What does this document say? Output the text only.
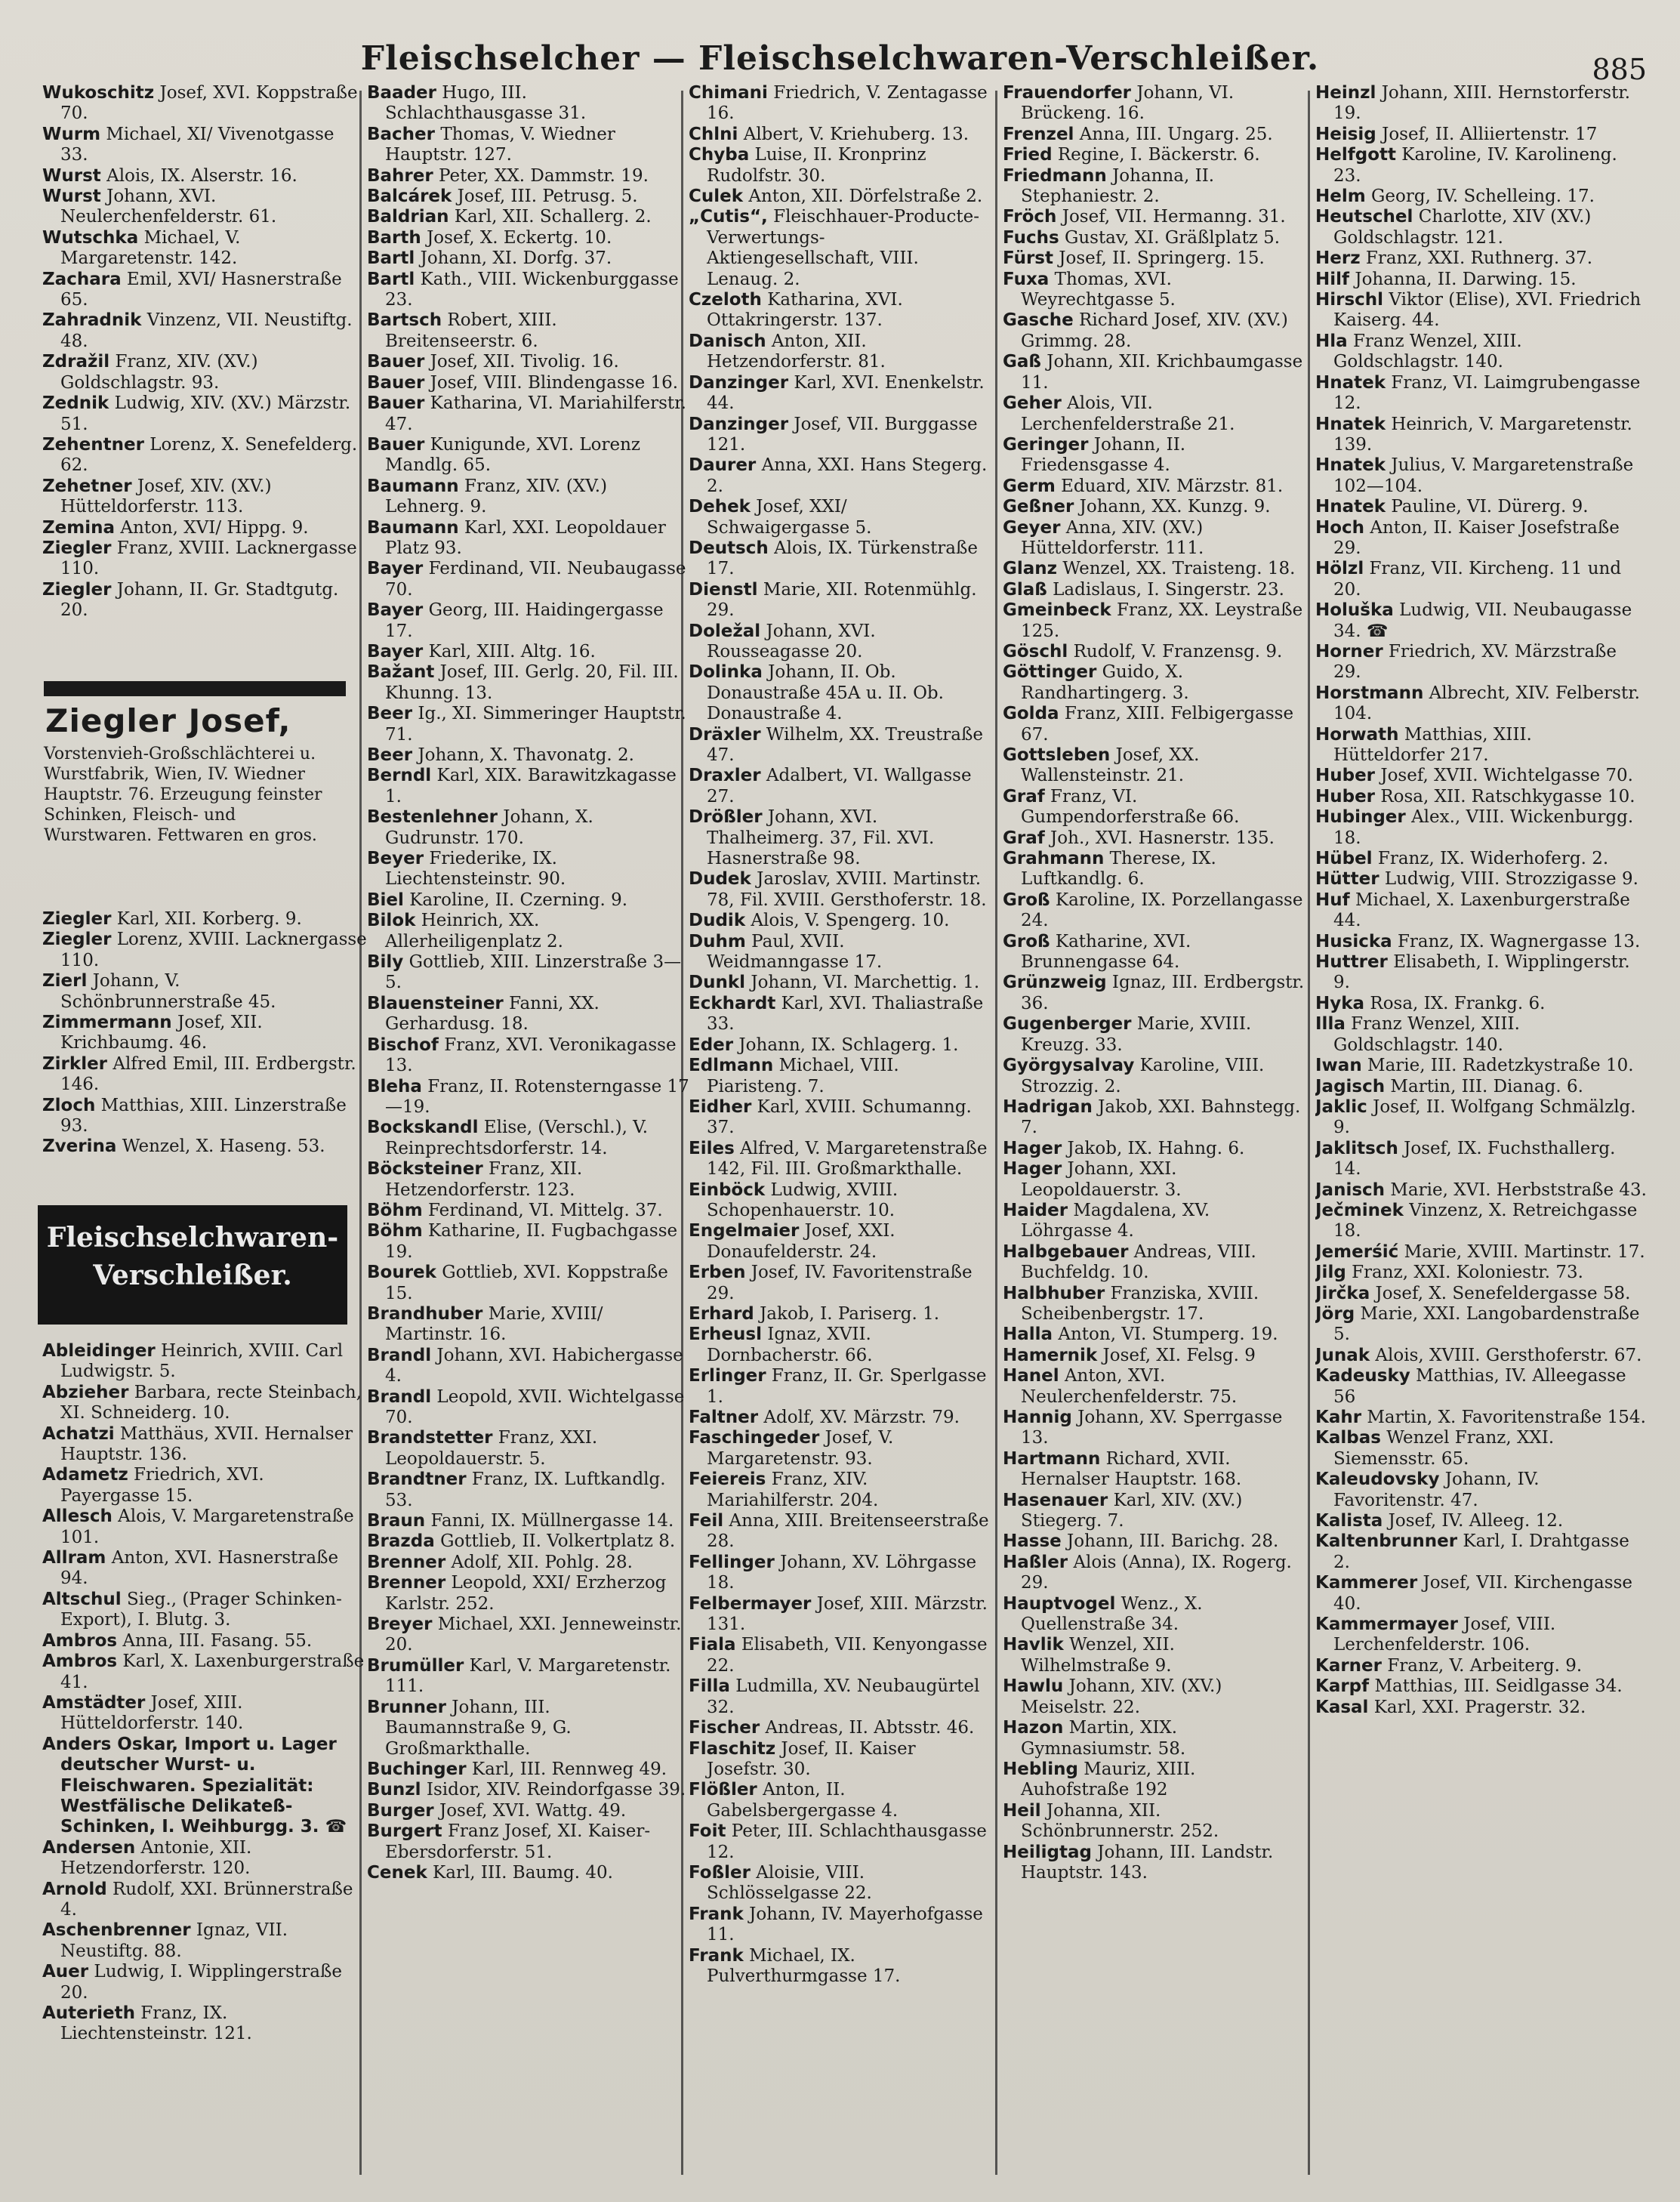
Fleischselcher — Fleischselchwaren-Verschleißer.	885

Wukoschitz Josef, XVI. Koppstraße 70.

Wurm Michael, XI/ Vivenotgasse 33.

Wurst Alois, IX. Alserstr. 16.

Wurst Johann, XVI. Neulerchenfelderstr. 61.

Wutschka Michael, V. Margaretenstr. 142.

Zacharа Emil, XVI/ Hasnerstraße 65.

Zahradnik Vinzenz, VII. Neustiftg. 48.

Zdražil Franz, XIV. (XV.) Goldschlagstr. 93.

Zednik Ludwig, XIV. (XV.) Märzstr. 51.

Zehentner Lorenz, X. Senefelderg. 62.

Zehetner Josef, XIV. (XV.) Hütteldorferstr. 113.

Zemina Anton, XVI/ Hippg. 9.

Ziegler Franz, XVIII. Lacknergasse 110.

Ziegler Johann, II. Gr. Stadtgutg. 20.

Ziegler Josef,

Vorstenvieh-Großschlächterei u. Wurstfabrik, Wien, IV. Wiedner Hauptstr. 76. Erzeugung feinster Schinken, Fleisch- und Wurstwaren. Fettwaren en gros.

Ziegler Karl, XII. Korberg. 9.

Ziegler Lorenz, XVIII. Lacknergasse 110.

Zierl Johann, V. Schönbrunnerstraße 45.

Zimmermann Josef, XII. Krichbaumg. 46.

Zirkler Alfred Emil, III. Erdbergstr. 146.

Zloch Matthias, XIII. Linzerstraße 93.

Zverina Wenzel, X. Haseng. 53.

Fleischselchwaren-
Verschleißer.

Ableidinger Heinrich, XVIII. Carl Ludwigstr. 5.

Abzieher Barbara, recte Steinbach, XI. Schneiderg. 10.

Achatzi Matthäus, XVII. Hernalser Hauptstr. 136.

Adametz Friedrich, XVI. Payergasse 15.

Allesch Alois, V. Margaretenstraße 101.

Allram Anton, XVI. Hasnerstraße 94.

Altschul Sieg., (Prager Schinken-Export), I. Blutg. 3.

Ambros Anna, III. Fasang. 55.

Ambros Karl, X. Laxenburgerstraße 41.

Amstädter Josef, XIII. Hütteldorferstr. 140.

Anders Oskar, Import u. Lager deutscher Wurst- u. Fleischwaren. Spezialität: Westfälische Delikateß-Schinken, I. Weihburgg. 3. ☎

Andersen Antonie, XII. Hetzendorferstr. 120.

Arnold Rudolf, XXI. Brünnerstraße 4.

Aschenbrenner Ignaz, VII. Neustiftg. 88.

Auer Ludwig, I. Wipplingerstraße 20.

Auterieth Franz, IX. Liechtensteinstr. 121.

Baader Hugo, III. Schlachthausgasse 31.

Bacher Thomas, V. Wiedner Hauptstr. 127.

Bahrer Peter, XX. Dammstr. 19.

Balcárek Josef, III. Petrusg. 5.

Baldrian Karl, XII. Schallerg. 2.

Barth Josef, X. Eckertg. 10.

Bartl Johann, XI. Dorfg. 37.

Bartl Kath., VIII. Wickenburggasse 23.

Bartsch Robert, XIII. Breitenseerstr. 6.

Bauer Josef, XII. Tivolig. 16.

Bauer Josef, VIII. Blindengasse 16.

Bauer Katharina, VI. Mariahilferstr. 47.

Bauer Kunigunde, XVI. Lorenz Mandlg. 65.

Baumann Franz, XIV. (XV.) Lehnerg. 9.

Baumann Karl, XXI. Leopoldauer Platz 93.

Bayer Ferdinand, VII. Neubaugasse 70.

Bayer Georg, III. Haidingergasse 17.

Bayer Karl, XIII. Altg. 16.

Bažant Josef, III. Gerlg. 20, Fil. III. Khunng. 13.

Beer Ig., XI. Simmeringer Hauptstr. 71.

Beer Johann, X. Thavonatg. 2.

Berndl Karl, XIX. Barawitzkagasse 1.

Bestenlehner Johann, X. Gudrunstr. 170.

Beyer Friederike, IX. Liechtensteinstr. 90.

Biel Karoline, II. Czerning. 9.

Bilok Heinrich, XX. Allerheiligenplatz 2.

Bily Gottlieb, XIII. Linzerstraße 3—5.

Blauensteiner Fanni, XX. Gerhardusg. 18.

Bischof Franz, XVI. Veronikagasse 13.

Bleha Franz, II. Rotensterngasse 17—19.

Bockskandl Elise, (Verschl.), V. Reinprechtsdorferstr. 14.

Böcksteiner Franz, XII. Hetzendorferstr. 123.

Böhm Ferdinand, VI. Mittelg. 37.

Böhm Katharine, II. Fugbachgasse 19.

Bourek Gottlieb, XVI. Koppstraße 15.

Brandhuber Marie, XVIII/ Martinstr. 16.

Brandl Johann, XVI. Habichergasse 4.

Brandl Leopold, XVII. Wichtelgasse 70.

Brandstetter Franz, XXI. Leopoldauerstr. 5.

Brandtner Franz, IX. Luftkandlg. 53.

Braun Fanni, IX. Müllnergasse 14.

Brazda Gottlieb, II. Volkertplatz 8.

Brenner Adolf, XII. Pohlg. 28.

Brenner Leopold, XXI/ Erzherzog Karlstr. 252.

Breyer Michael, XXI. Jenneweinstr. 20.

Brumüller Karl, V. Margaretenstr. 111.

Brunner Johann, III. Baumannstraße 9, G. Großmarkthalle.

Buchinger Karl, III. Rennweg 49.

Bunzl Isidor, XIV. Reindorfgasse 39.

Burger Josef, XVI. Wattg. 49.

Burgert Franz Josef, XI. Kaiser-Ebersdorferstr. 51.

Cenek Karl, III. Baumg. 40.

Chimani Friedrich, V. Zentagasse 16.

Chlni Albert, V. Kriehuberg. 13.

Chyba Luise, II. Kronprinz Rudolfstr. 30.

Culek Anton, XII. Dörfelstraße 2.

„Cutis“, Fleischhauer-Producte-Verwertungs-Aktiengesellschaft, VIII. Lenaug. 2.

Czeloth Katharina, XVI. Ottakringerstr. 137.

Danisch Anton, XII. Hetzendorferstr. 81.

Danzinger Karl, XVI. Enenkelstr. 44.

Danzinger Josef, VII. Burggasse 121.

Daurer Anna, XXI. Hans Stegerg. 2.

Dehek Josef, XXI/ Schwaigergasse 5.

Deutsch Alois, IX. Türkenstraße 17.

Dienstl Marie, XII. Rotenmühlg. 29.

Doležal Johann, XVI. Rousseagasse 20.

Dolinka Johann, II. Ob. Donaustraße 45A u. II. Ob. Donaustraße 4.

Dräxler Wilhelm, XX. Treustraße 47.

Draxler Adalbert, VI. Wallgasse 27.

Drößler Johann, XVI. Thalheimerg. 37, Fil. XVI. Hasnerstraße 98.

Dudek Jaroslav, XVIII. Martinstr. 78, Fil. XVIII. Gersthoferstr. 18.

Dudik Alois, V. Spengerg. 10.

Duhm Paul, XVII. Weidmanngasse 17.

Dunkl Johann, VI. Marchettig. 1.

Eckhardt Karl, XVI. Thaliastraße 33.

Eder Johann, IX. Schlagerg. 1.

Edlmann Michael, VIII. Piaristeng. 7.

Eidher Karl, XVIII. Schumanng. 37.

Eiles Alfred, V. Margaretenstraße 142, Fil. III. Großmarkthalle.

Einböck Ludwig, XVIII. Schopenhauerstr. 10.

Engelmaier Josef, XXI. Donaufelderstr. 24.

Erben Josef, IV. Favoritenstraße 29.

Erhard Jakob, I. Pariserg. 1.

Erheusl Ignaz, XVII. Dornbacherstr. 66.

Erlinger Franz, II. Gr. Sperlgasse 1.

Faltner Adolf, XV. Märzstr. 79.

Faschingeder Josef, V. Margaretenstr. 93.

Feiereis Franz, XIV. Mariahilferstr. 204.

Feil Anna, XIII. Breitenseerstraße 28.

Fellinger Johann, XV. Löhrgasse 18.

Felbermayer Josef, XIII. Märzstr. 131.

Fiala Elisabeth, VII. Kenyongasse 22.

Filla Ludmilla, XV. Neubaugürtel 32.

Fischer Andreas, II. Abtsstr. 46.

Flaschitz Josef, II. Kaiser Josefstr. 30.

Flößler Anton, II. Gabelsbergergasse 4.

Foit Peter, III. Schlachthausgasse 12.

Foßler Aloisie, VIII. Schlösselgasse 22.

Frank Johann, IV. Mayerhofgasse 11.

Frank Michael, IX. Pulverthurmgasse 17.

Frauendorfer Johann, VI. Brückeng. 16.

Frenzel Anna, III. Ungarg. 25.

Fried Regine, I. Bäckerstr. 6.

Friedmann Johanna, II. Stephaniestr. 2.

Fröch Josef, VII. Hermanng. 31.

Fuchs Gustav, XI. Gräßlplatz 5.

Fürst Josef, II. Springerg. 15.

Fuxa Thomas, XVI. Weyrechtgasse 5.

Gasche Richard Josef, XIV. (XV.) Grimmg. 28.

Gaß Johann, XII. Krichbaumgasse 11.

Geher Alois, VII. Lerchenfelderstraße 21.

Geringer Johann, II. Friedensgasse 4.

Germ Eduard, XIV. Märzstr. 81.

Geßner Johann, XX. Kunzg. 9.

Geyer Anna, XIV. (XV.) Hütteldorferstr. 111.

Glanz Wenzel, XX. Traisteng. 18.

Glaß Ladislaus, I. Singerstr. 23.

Gmeinbeck Franz, XX. Leystraße 125.

Göschl Rudolf, V. Franzensg. 9.

Göttinger Guido, X. Randhartingerg. 3.

Golda Franz, XIII. Felbigergasse 67.

Gottsleben Josef, XX. Wallensteinstr. 21.

Graf Franz, VI. Gumpendorferstraße 66.

Graf Joh., XVI. Hasnerstr. 135.

Grahmann Therese, IX. Luftkandlg. 6.

Groß Karoline, IX. Porzellangasse 24.

Groß Katharine, XVI. Brunnengasse 64.

Grünzweig Ignaz, III. Erdbergstr. 36.

Gugenberger Marie, XVIII. Kreuzg. 33.

Györgysalvay Karoline, VIII. Strozzig. 2.

Hadrigan Jakob, XXI. Bahnstegg. 7.

Hager Jakob, IX. Hahng. 6.

Hager Johann, XXI. Leopoldauerstr. 3.

Haider Magdalena, XV. Löhrgasse 4.

Halbgebauer Andreas, VIII. Buchfeldg. 10.

Halbhuber Franziska, XVIII. Scheibenbergstr. 17.

Halla Anton, VI. Stumperg. 19.

Hamernik Josef, XI. Felsg. 9

Hanel Anton, XVI. Neulerchenfelderstr. 75.

Hannig Johann, XV. Sperrgasse 13.

Hartmann Richard, XVII. Hernalser Hauptstr. 168.

Hasenauer Karl, XIV. (XV.) Stiegerg. 7.

Hasse Johann, III. Barichg. 28.

Haßler Alois (Anna), IX. Rogerg. 29.

Hauptvogel Wenz., X. Quellenstraße 34.

Havlik Wenzel, XII. Wilhelmstraße 9.

Hawlu Johann, XIV. (XV.) Meiselstr. 22.

Hazon Martin, XIX. Gymnasiumstr. 58.

Hebling Mauriz, XIII. Auhofstraße 192

Heil Johanna, XII. Schönbrunnerstr. 252.

Heiligtag Johann, III. Landstr. Hauptstr. 143.

Heinzl Johann, XIII. Hernstorferstr. 19.

Heisig Josef, II. Alliiertenstr. 17

Helfgott Karoline, IV. Karolineng. 23.

Helm Georg, IV. Schelleing. 17.

Heutschel Charlotte, XIV (XV.) Goldschlagstr. 121.

Herz Franz, XXI. Ruthnerg. 37.

Hilf Johanna, II. Darwing. 15.

Hirschl Viktor (Elise), XVI. Friedrich Kaiserg. 44.

Hla Franz Wenzel, XIII. Goldschlagstr. 140.

Hnatek Franz, VI. Laimgrubengasse 12.

Hnatek Heinrich, V. Margaretenstr. 139.

Hnatek Julius, V. Margaretenstraße 102—104.

Hnatek Pauline, VI. Dürerg. 9.

Hoch Anton, II. Kaiser Josefstraße 29.

Hölzl Franz, VII. Kircheng. 11 und 20.

Holuška Ludwig, VII. Neubaugasse 34. ☎

Horner Friedrich, XV. Märzstraße 29.

Horstmann Albrecht, XIV. Felberstr. 104.

Horwath Matthias, XIII. Hütteldorfer 217.

Huber Josef, XVII. Wichtelgasse 70.

Huber Rosa, XII. Ratschkygasse 10.

Hubinger Alex., VIII. Wickenburgg. 18.

Hübel Franz, IX. Widerhoferg. 2.

Hütter Ludwig, VIII. Strozzigasse 9.

Huf Michael, X. Laxenburgerstraße 44.

Husicka Franz, IX. Wagnergasse 13.

Huttrer Elisabeth, I. Wipplingerstr. 9.

Hyka Rosa, IX. Frankg. 6.

Illa Franz Wenzel, XIII. Goldschlagstr. 140.

Iwan Marie, III. Radetzkystraße 10.

Jagisch Martin, III. Dianag. 6.

Jaklic Josef, II. Wolfgang Schmälzlg. 9.

Jaklitsch Josef, IX. Fuchsthallerg. 14.

Janisch Marie, XVI. Herbststraße 43.

Ječminek Vinzenz, X. Retreichgasse 18.

Jemerśić Marie, XVIII. Martinstr. 17.

Jilg Franz, XXI. Koloniestr. 73.

Jirčka Josef, X. Senefeldergasse 58.

Jörg Marie, XXI. Langobardenstraße 5.

Junak Alois, XVIII. Gersthoferstr. 67.

Kadeusky Matthias, IV. Alleegasse 56

Kahr Martin, X. Favoritenstraße 154.

Kalbas Wenzel Franz, XXI. Siemensstr. 65.

Kaleudovsky Johann, IV. Favoritenstr. 47.

Kalista Josef, IV. Alleeg. 12.

Kaltenbrunner Karl, I. Drahtgasse 2.

Kammerer Josef, VII. Kirchengasse 40.

Kammermayer Josef, VIII. Lerchenfelderstr. 106.

Karner Franz, V. Arbeiterg. 9.

Karpf Matthias, III. Seidlgasse 34.

Kasal Karl, XXI. Pragerstr. 32.
